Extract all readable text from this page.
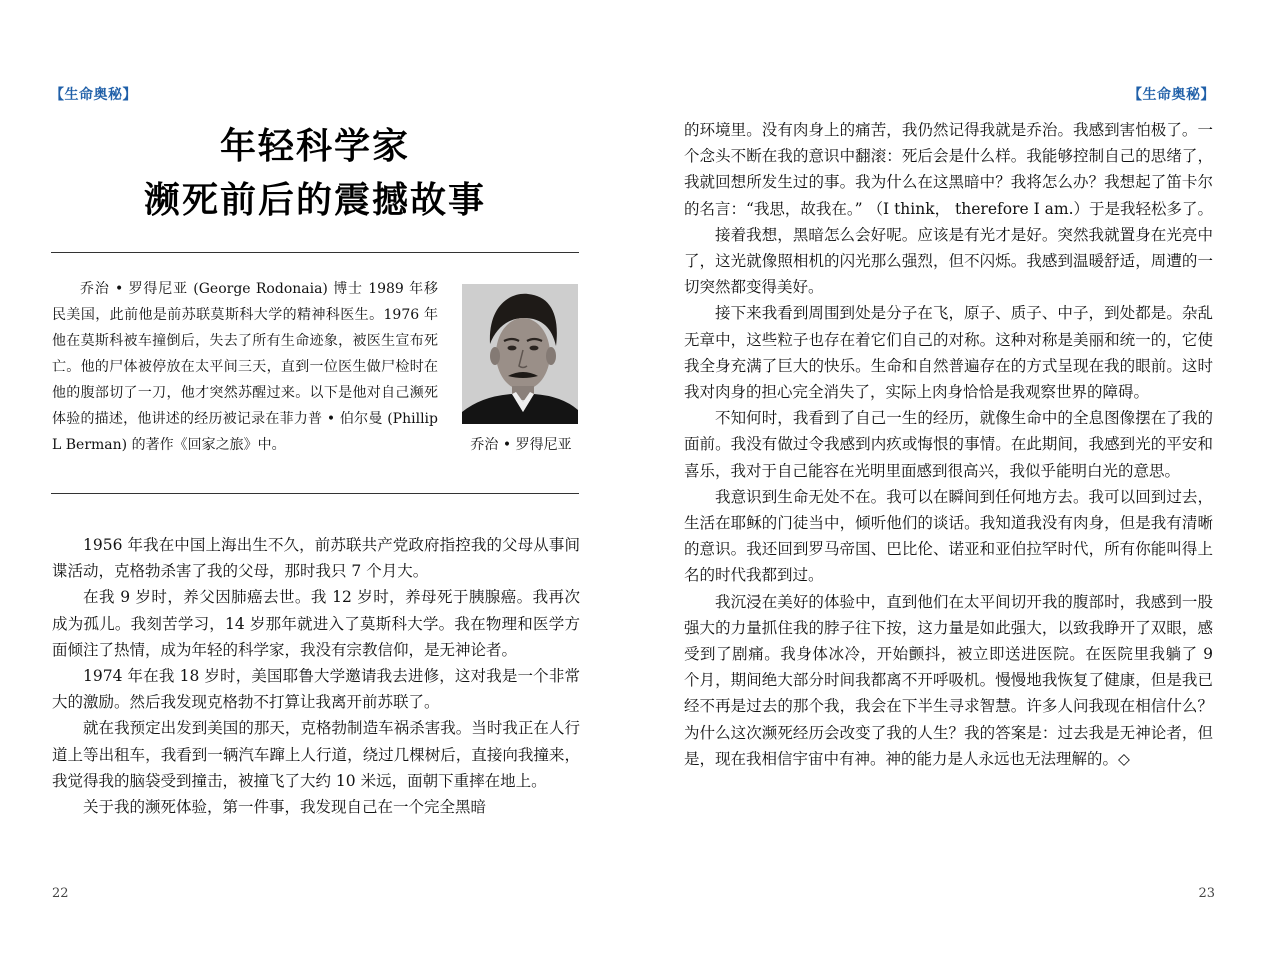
【生命奥秘】
年轻科学家
濒死前后的震撼故事

乔治 • 罗得尼亚 (George Rodonaia) 博士 1989 年移民美国，此前他是前苏联莫斯科大学的精神科医生。1976 年他在莫斯科被车撞倒后，失去了所有生命迹象，被医生宣布死亡。他的尸体被停放在太平间三天，直到一位医生做尸检时在他的腹部切了一刀，他才突然苏醒过来。以下是他对自己濒死体验的描述，他讲述的经历被记录在菲力普 • 伯尔曼 (Phillip L Berman) 的著作《回家之旅》中。	乔治 • 罗得尼亚

1956 年我在中国上海出生不久，前苏联共产党政府指控我的父母从事间谍活动，克格勃杀害了我的父母，那时我只 7 个月大。

在我 9 岁时，养父因肺癌去世。我 12 岁时，养母死于胰腺癌。我再次成为孤儿。我刻苦学习，14 岁那年就进入了莫斯科大学。我在物理和医学方面倾注了热情，成为年轻的科学家，我没有宗教信仰，是无神论者。

1974 年在我 18 岁时，美国耶鲁大学邀请我去进修，这对我是一个非常大的激励。然后我发现克格勃不打算让我离开前苏联了。

就在我预定出发到美国的那天，克格勃制造车祸杀害我。当时我正在人行道上等出租车，我看到一辆汽车蹿上人行道，绕过几棵树后，直接向我撞来，我觉得我的脑袋受到撞击，被撞飞了大约 10 米远，面朝下重摔在地上。

关于我的濒死体验，第一件事，我发现自己在一个完全黑暗

22
【生命奥秘】

的环境里。没有肉身上的痛苦，我仍然记得我就是乔治。我感到害怕极了。一个念头不断在我的意识中翻滚：死后会是什么样。我能够控制自己的思绪了，我就回想所发生过的事。我为什么在这黑暗中？我将怎么办？我想起了笛卡尔的名言：“我思，故我在。” （I think， therefore I am.）于是我轻松多了。

接着我想，黑暗怎么会好呢。应该是有光才是好。突然我就置身在光亮中了，这光就像照相机的闪光那么强烈，但不闪烁。我感到温暖舒适，周遭的一切突然都变得美好。

接下来我看到周围到处是分子在飞，原子、质子、中子，到处都是。杂乱无章中，这些粒子也存在着它们自己的对称。这种对称是美丽和统一的，它使我全身充满了巨大的快乐。生命和自然普遍存在的方式呈现在我的眼前。这时我对肉身的担心完全消失了，实际上肉身恰恰是我观察世界的障碍。

不知何时，我看到了自己一生的经历，就像生命中的全息图像摆在了我的面前。我没有做过令我感到内疚或悔恨的事情。在此期间，我感到光的平安和喜乐，我对于自己能容在光明里面感到很高兴，我似乎能明白光的意思。

我意识到生命无处不在。我可以在瞬间到任何地方去。我可以回到过去，生活在耶稣的门徒当中，倾听他们的谈话。我知道我没有肉身，但是我有清晰的意识。我还回到罗马帝国、巴比伦、诺亚和亚伯拉罕时代，所有你能叫得上名的时代我都到过。

我沉浸在美好的体验中，直到他们在太平间切开我的腹部时，我感到一股强大的力量抓住我的脖子往下按，这力量是如此强大，以致我睁开了双眼，感受到了剧痛。我身体冰冷，开始颤抖，被立即送进医院。在医院里我躺了 9 个月，期间绝大部分时间我都离不开呼吸机。慢慢地我恢复了健康，但是我已经不再是过去的那个我，我会在下半生寻求智慧。许多人问我现在相信什么？为什么这次濒死经历会改变了我的人生？我的答案是：过去我是无神论者，但是，现在我相信宇宙中有神。神的能力是人永远也无法理解的。◇

23
